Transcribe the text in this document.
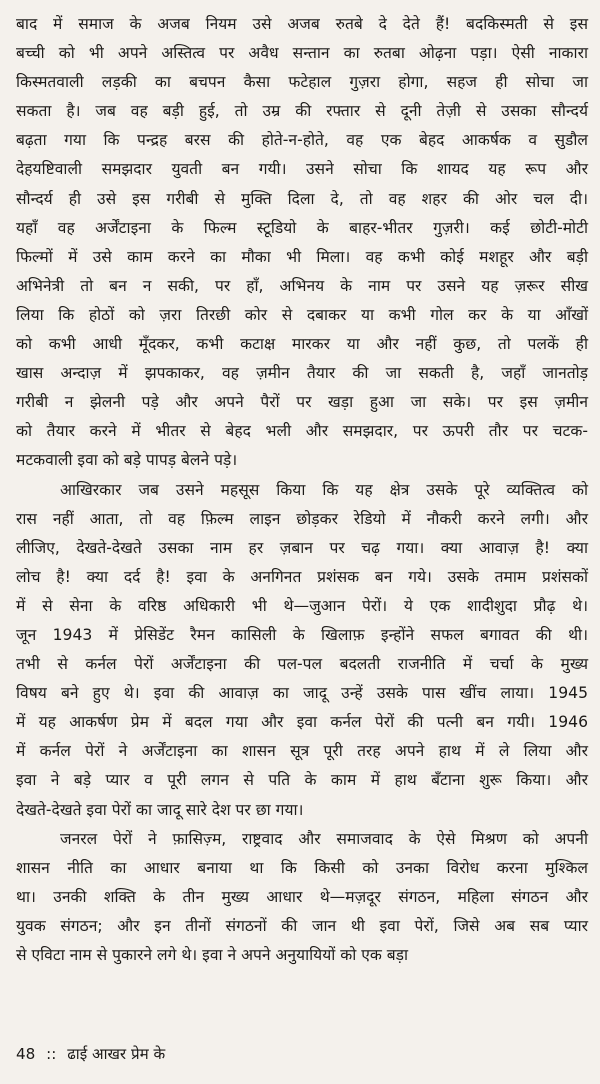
बाद में समाज के अजब नियम उसे अजब रुतबे दे देते हैं! बदकिस्मती से इस
बच्ची को भी अपने अस्तित्व पर अवैध सन्तान का रुतबा ओढ़ना पड़ा। ऐसी नाकारा
किस्मतवाली लड़की का बचपन कैसा फटेहाल गुज़रा होगा, सहज ही सोचा जा
सकता है। जब वह बड़ी हुई, तो उम्र की रफ्तार से दूनी तेज़ी से उसका सौन्दर्य
बढ़ता गया कि पन्द्रह बरस की होते-न-होते, वह एक बेहद आकर्षक व सुडौल
देहयष्टिवाली समझदार युवती बन गयी। उसने सोचा कि शायद यह रूप और
सौन्दर्य ही उसे इस गरीबी से मुक्ति दिला दे, तो वह शहर की ओर चल दी।
यहाँ वह अर्जेंटाइना के फिल्म स्टूडियो के बाहर-भीतर गुज़री। कई छोटी-मोटी
फिल्मों में उसे काम करने का मौका भी मिला। वह कभी कोई मशहूर और बड़ी
अभिनेत्री तो बन न सकी, पर हाँ, अभिनय के नाम पर उसने यह ज़रूर सीख
लिया कि होठों को ज़रा तिरछी कोर से दबाकर या कभी गोल कर के या आँखों
को कभी आधी मूँदकर, कभी कटाक्ष मारकर या और नहीं कुछ, तो पलकें ही
खास अन्दाज़ में झपकाकर, वह ज़मीन तैयार की जा सकती है, जहाँ जानतोड़
गरीबी न झेलनी पड़े और अपने पैरों पर खड़ा हुआ जा सके। पर इस ज़मीन
को तैयार करने में भीतर से बेहद भली और समझदार, पर ऊपरी तौर पर चटक-
मटकवाली इवा को बड़े पापड़ बेलने पड़े।

आखिरकार जब उसने महसूस किया कि यह क्षेत्र उसके पूरे व्यक्तित्व को
रास नहीं आता, तो वह फ़िल्म लाइन छोड़कर रेडियो में नौकरी करने लगी। और
लीजिए, देखते-देखते उसका नाम हर ज़बान पर चढ़ गया। क्या आवाज़ है! क्या
लोच है! क्या दर्द है! इवा के अनगिनत प्रशंसक बन गये। उसके तमाम प्रशंसकों
में से सेना के वरिष्ठ अधिकारी भी थे—जुआन पेरों। ये एक शादीशुदा प्रौढ़ थे।
जून 1943 में प्रेसिडेंट रैमन कासिली के खिलाफ़ इन्होंने सफल बगावत की थी।
तभी से कर्नल पेरों अर्जेंटाइना की पल-पल बदलती राजनीति में चर्चा के मुख्य
विषय बने हुए थे। इवा की आवाज़ का जादू उन्हें उसके पास खींच लाया। 1945
में यह आकर्षण प्रेम में बदल गया और इवा कर्नल पेरों की पत्नी बन गयी। 1946
में कर्नल पेरों ने अर्जेंटाइना का शासन सूत्र पूरी तरह अपने हाथ में ले लिया और
इवा ने बड़े प्यार व पूरी लगन से पति के काम में हाथ बँटाना शुरू किया। और
देखते-देखते इवा पेरों का जादू सारे देश पर छा गया।

जनरल पेरों ने फ़ासिज़्म, राष्ट्रवाद और समाजवाद के ऐसे मिश्रण को अपनी
शासन नीति का आधार बनाया था कि किसी को उनका विरोध करना मुश्किल
था। उनकी शक्ति के तीन मुख्य आधार थे—मज़दूर संगठन, महिला संगठन और
युवक संगठन; और इन तीनों संगठनों की जान थी इवा पेरों, जिसे अब सब प्यार
से एविटा नाम से पुकारने लगे थे। इवा ने अपने अनुयायियों को एक बड़ा

48 :: ढाई आखर प्रेम के
